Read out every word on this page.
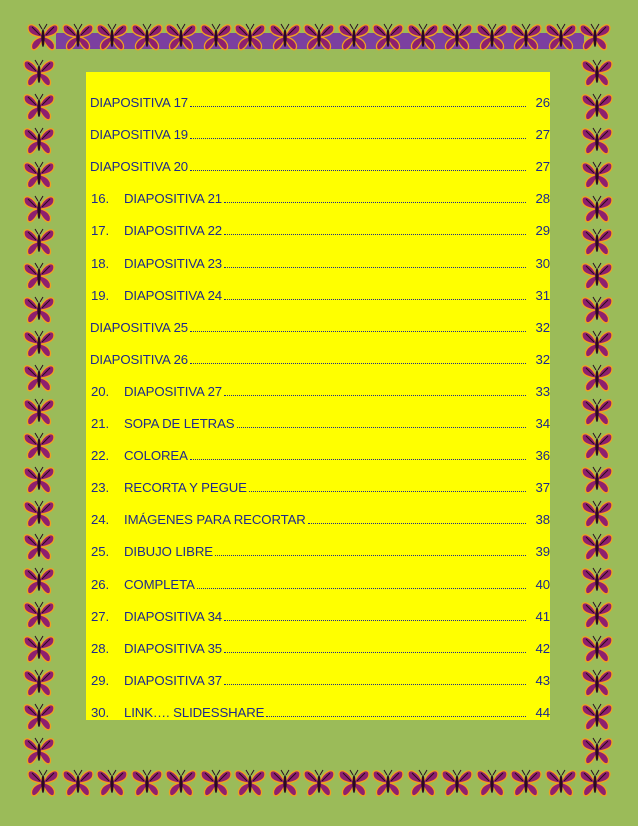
DIAPOSITIVA 17	26
DIAPOSITIVA 19	27
DIAPOSITIVA 20	27
16.	DIAPOSITIVA 21	28
17.	DIAPOSITIVA 22	29
18.	DIAPOSITIVA 23	30
19.	DIAPOSITIVA 24	31
DIAPOSITIVA 25	32
DIAPOSITIVA 26	32
20.	DIAPOSITIVA 27	33
21.	SOPA DE LETRAS	34
22.	COLOREA	36
23.	RECORTA Y PEGUE	37
24.	IMÁGENES PARA RECORTAR	38
25.	DIBUJO LIBRE	39
26.	COMPLETA	40
27.	DIAPOSITIVA 34	41
28.	DIAPOSITIVA 35	42
29.	DIAPOSITIVA 37	43
30.	LINK…. SLIDESSHARE	44
